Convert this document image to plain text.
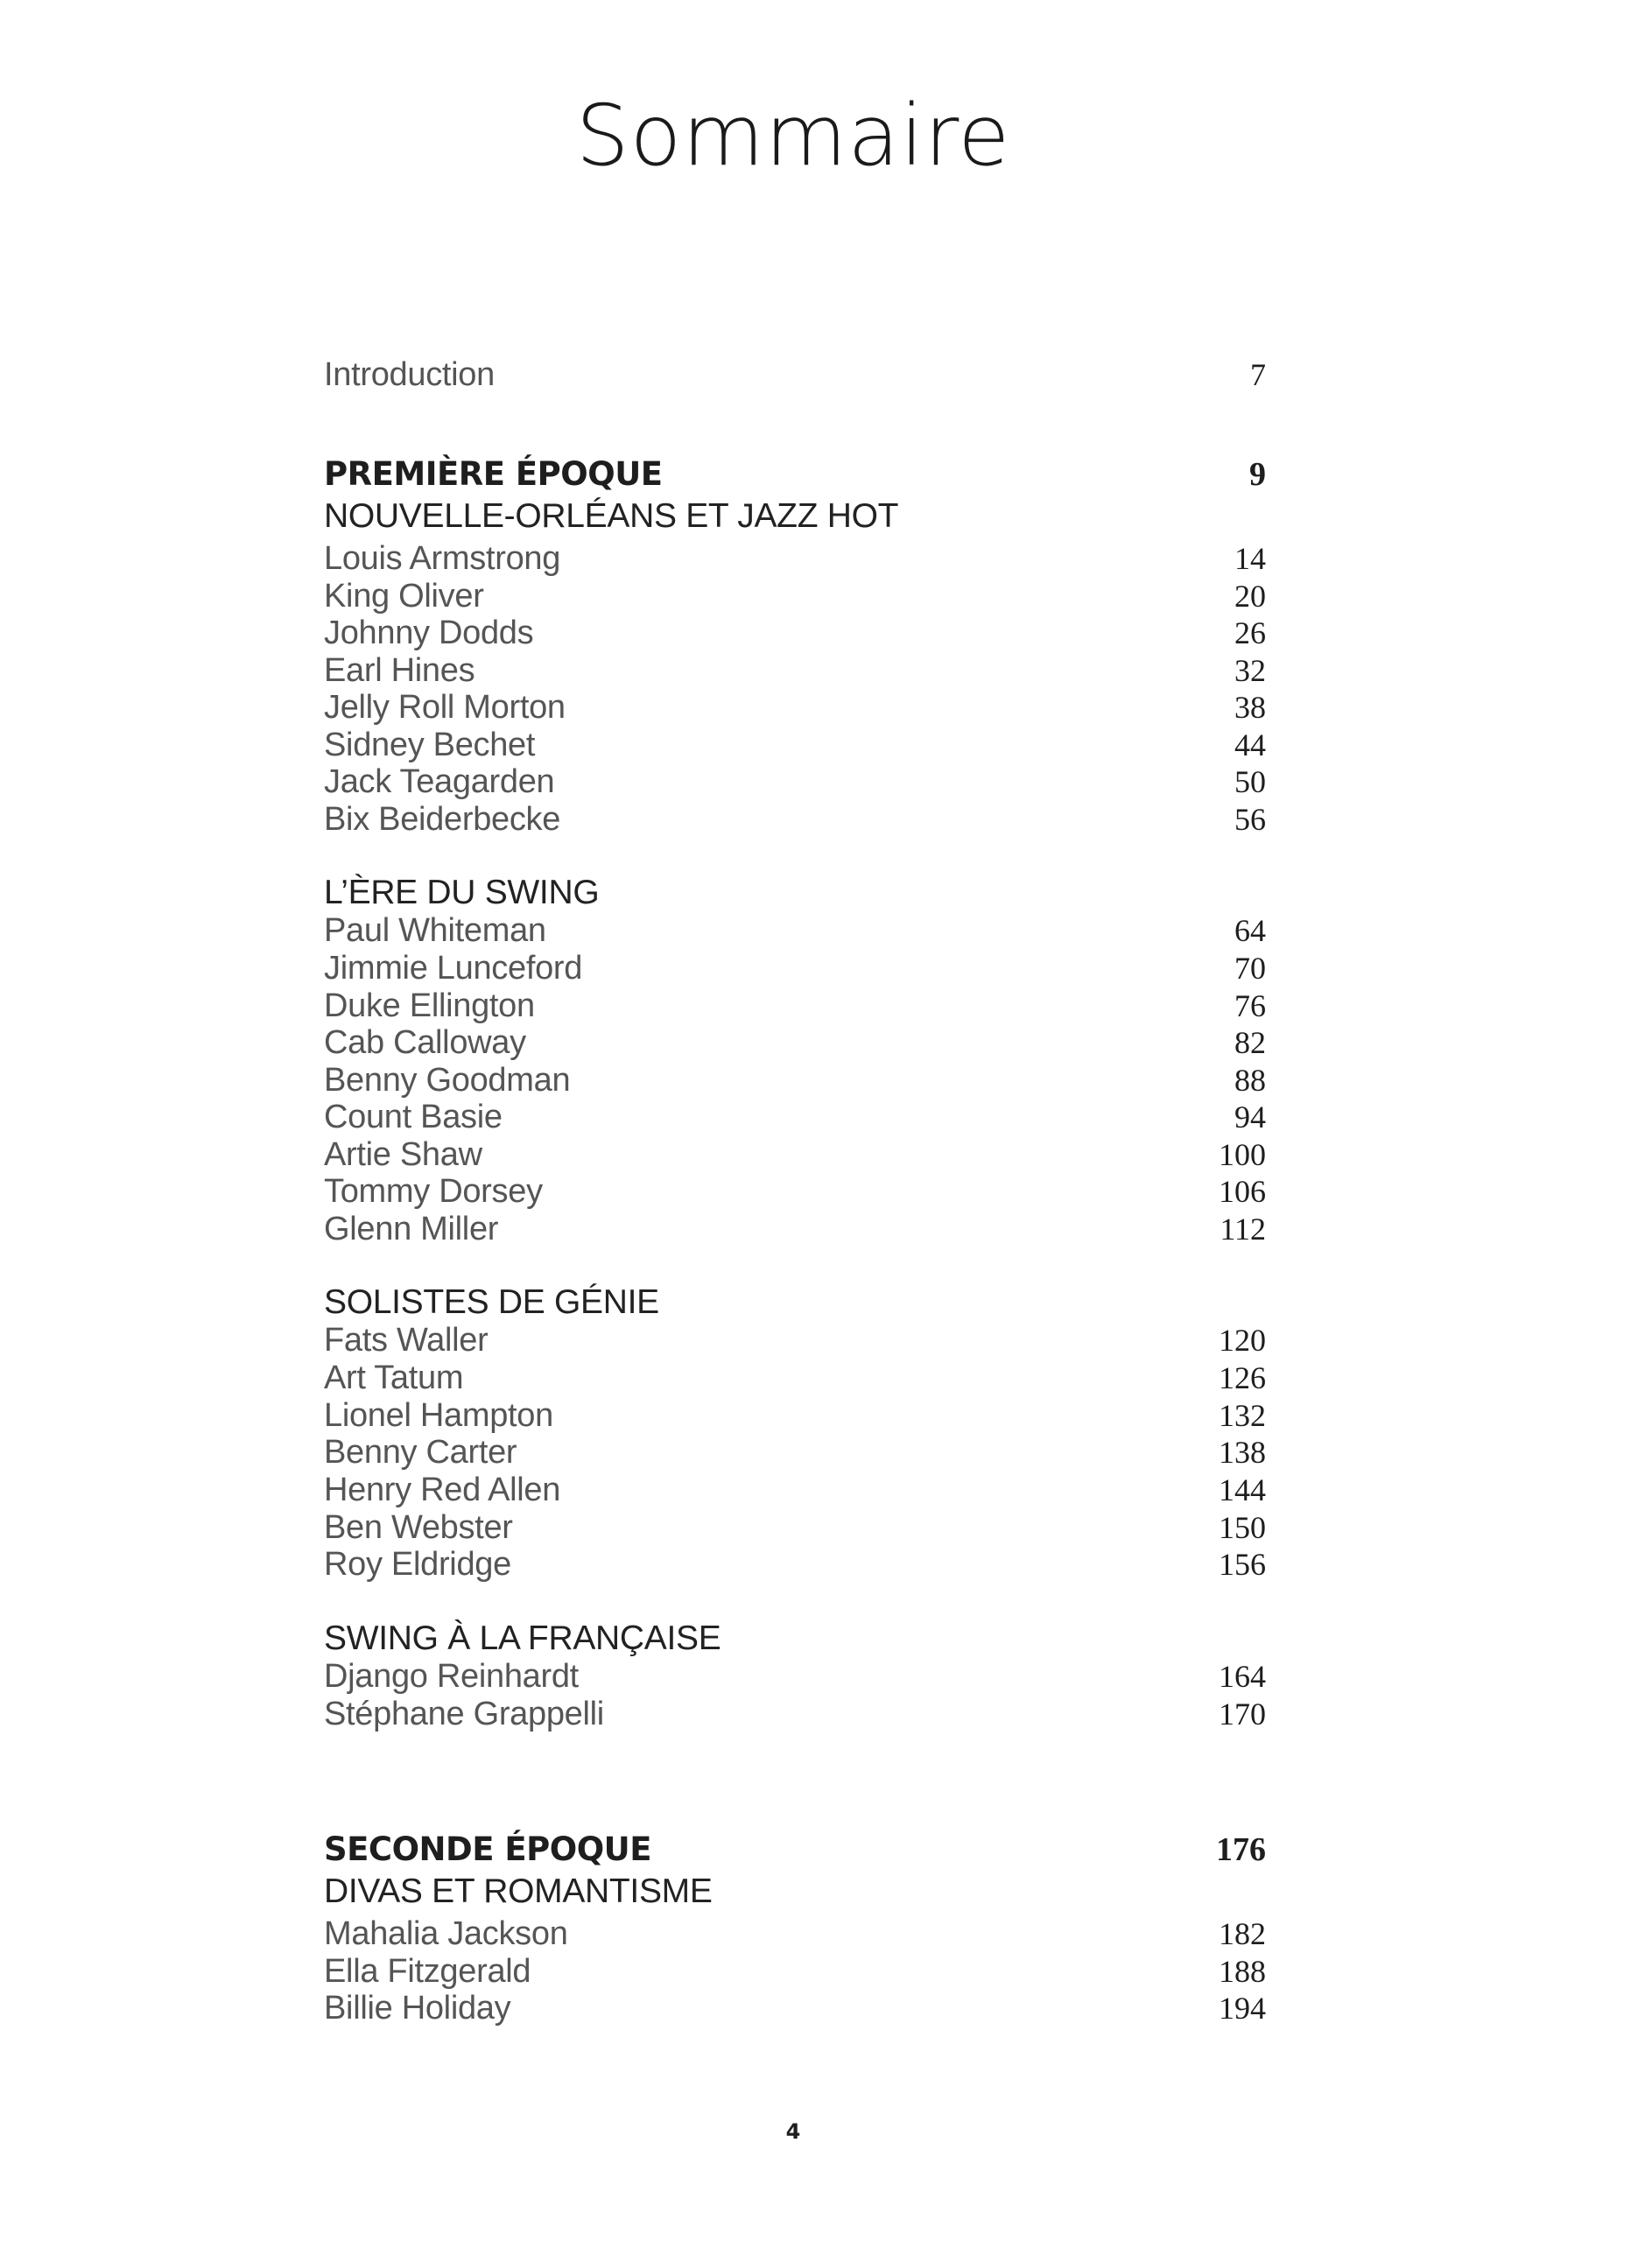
Sommaire
Introduction	7
PREMIÈRE ÉPOQUE	9
NOUVELLE-ORLÉANS ET JAZZ HOT
Louis Armstrong	14
King Oliver	20
Johnny Dodds	26
Earl Hines	32
Jelly Roll Morton	38
Sidney Bechet	44
Jack Teagarden	50
Bix Beiderbecke	56
L’ÈRE DU SWING
Paul Whiteman	64
Jimmie Lunceford	70
Duke Ellington	76
Cab Calloway	82
Benny Goodman	88
Count Basie	94
Artie Shaw	100
Tommy Dorsey	106
Glenn Miller	112
SOLISTES DE GÉNIE
Fats Waller	120
Art Tatum	126
Lionel Hampton	132
Benny Carter	138
Henry Red Allen	144
Ben Webster	150
Roy Eldridge	156
SWING À LA FRANÇAISE
Django Reinhardt	164
Stéphane Grappelli	170
SECONDE ÉPOQUE	176
DIVAS ET ROMANTISME
Mahalia Jackson	182
Ella Fitzgerald	188
Billie Holiday	194
4
